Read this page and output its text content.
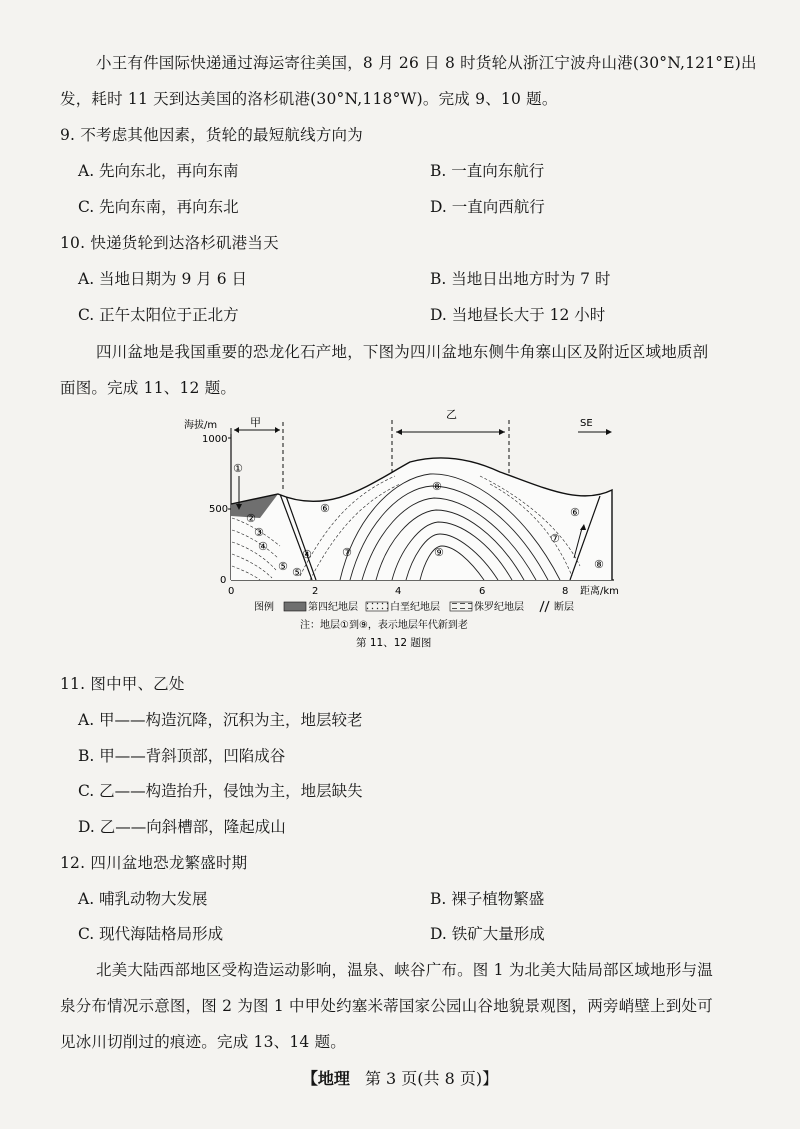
小王有件国际快递通过海运寄往美国，8 月 26 日 8 时货轮从浙江宁波舟山港(30°N,121°E)出
发，耗时 11 天到达美国的洛杉矶港(30°N,118°W)。完成 9、10 题。
9. 不考虑其他因素，货轮的最短航线方向为
A. 先向东北，再向东南	B. 一直向东航行
C. 先向东南，再向东北	D. 一直向西航行
10. 快递货轮到达洛杉矶港当天
A. 当地日期为 9 月 6 日	B. 当地日出地方时为 7 时
C. 正午太阳位于正北方	D. 当地昼长大于 12 小时
四川盆地是我国重要的恐龙化石产地，下图为四川盆地东侧牛角寨山区及附近区域地质剖
面图。完成 11、12 题。
海拔/m
1000
500
0
0	2	4	6	8 距离/km
甲
乙
SE
①
②
③
④
⑤
⑥
⑦
⑧
⑨
⑥
⑦
⑧
⑤
④
图例	第四纪地层	白垩纪地层	侏罗纪地层	断层
注：地层①到⑨，表示地层年代新到老
第 11、12 题图
11. 图中甲、乙处
A. 甲——构造沉降，沉积为主，地层较老
B. 甲——背斜顶部，凹陷成谷
C. 乙——构造抬升，侵蚀为主，地层缺失
D. 乙——向斜槽部，隆起成山
12. 四川盆地恐龙繁盛时期
A. 哺乳动物大发展	B. 裸子植物繁盛
C. 现代海陆格局形成	D. 铁矿大量形成
北美大陆西部地区受构造运动影响，温泉、峡谷广布。图 1 为北美大陆局部区域地形与温
泉分布情况示意图，图 2 为图 1 中甲处约塞米蒂国家公园山谷地貌景观图，两旁峭壁上到处可
见冰川切削过的痕迹。完成 13、14 题。
【地理 第 3 页(共 8 页)】
